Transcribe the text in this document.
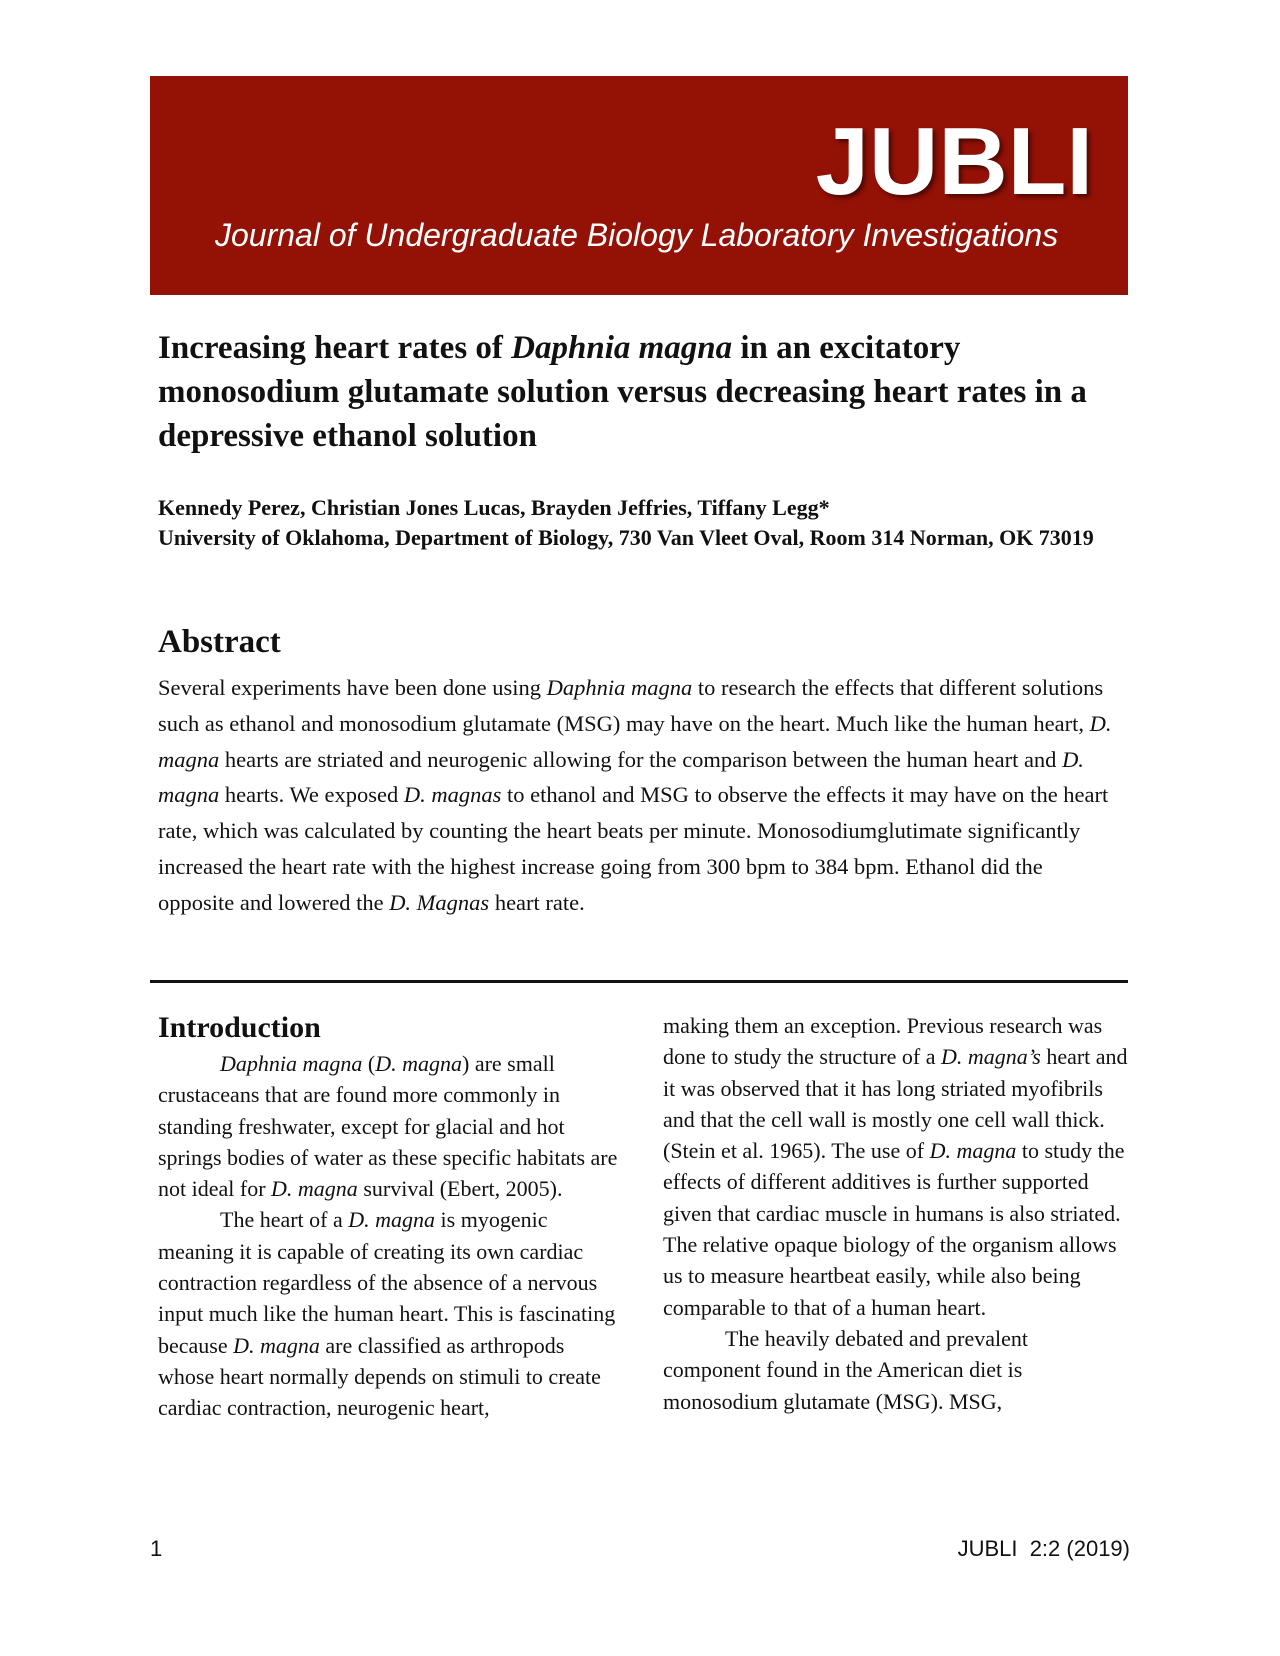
JUBLI
Journal of Undergraduate Biology Laboratory Investigations
Increasing heart rates of Daphnia magna in an excitatory monosodium glutamate solution versus decreasing heart rates in a depressive ethanol solution
Kennedy Perez, Christian Jones Lucas, Brayden Jeffries, Tiffany Legg*
University of Oklahoma, Department of Biology, 730 Van Vleet Oval, Room 314 Norman, OK 73019
Abstract

Several experiments have been done using Daphnia magna to research the effects that different solutions such as ethanol and monosodium glutamate (MSG) may have on the heart. Much like the human heart, D. magna hearts are striated and neurogenic allowing for the comparison between the human heart and D. magna hearts. We exposed D. magnas to ethanol and MSG to observe the effects it may have on the heart rate, which was calculated by counting the heart beats per minute. Monosodiumglutimate significantly increased the heart rate with the highest increase going from 300 bpm to 384 bpm. Ethanol did the opposite and lowered the D. Magnas heart rate.

Introduction

Daphnia magna (D. magna) are small crustaceans that are found more commonly in standing freshwater, except for glacial and hot springs bodies of water as these specific habitats are not ideal for D. magna survival (Ebert, 2005).

The heart of a D. magna is myogenic meaning it is capable of creating its own cardiac contraction regardless of the absence of a nervous input much like the human heart. This is fascinating because D. magna are classified as arthropods whose heart normally depends on stimuli to create cardiac contraction, neurogenic heart,

making them an exception. Previous research was done to study the structure of a D. magna’s heart and it was observed that it has long striated myofibrils and that the cell wall is mostly one cell wall thick. (Stein et al. 1965). The use of D. magna to study the effects of different additives is further supported given that cardiac muscle in humans is also striated. The relative opaque biology of the organism allows us to measure heartbeat easily, while also being comparable to that of a human heart.

The heavily debated and prevalent component found in the American diet is monosodium glutamate (MSG). MSG,

1	JUBLI  2:2 (2019)
